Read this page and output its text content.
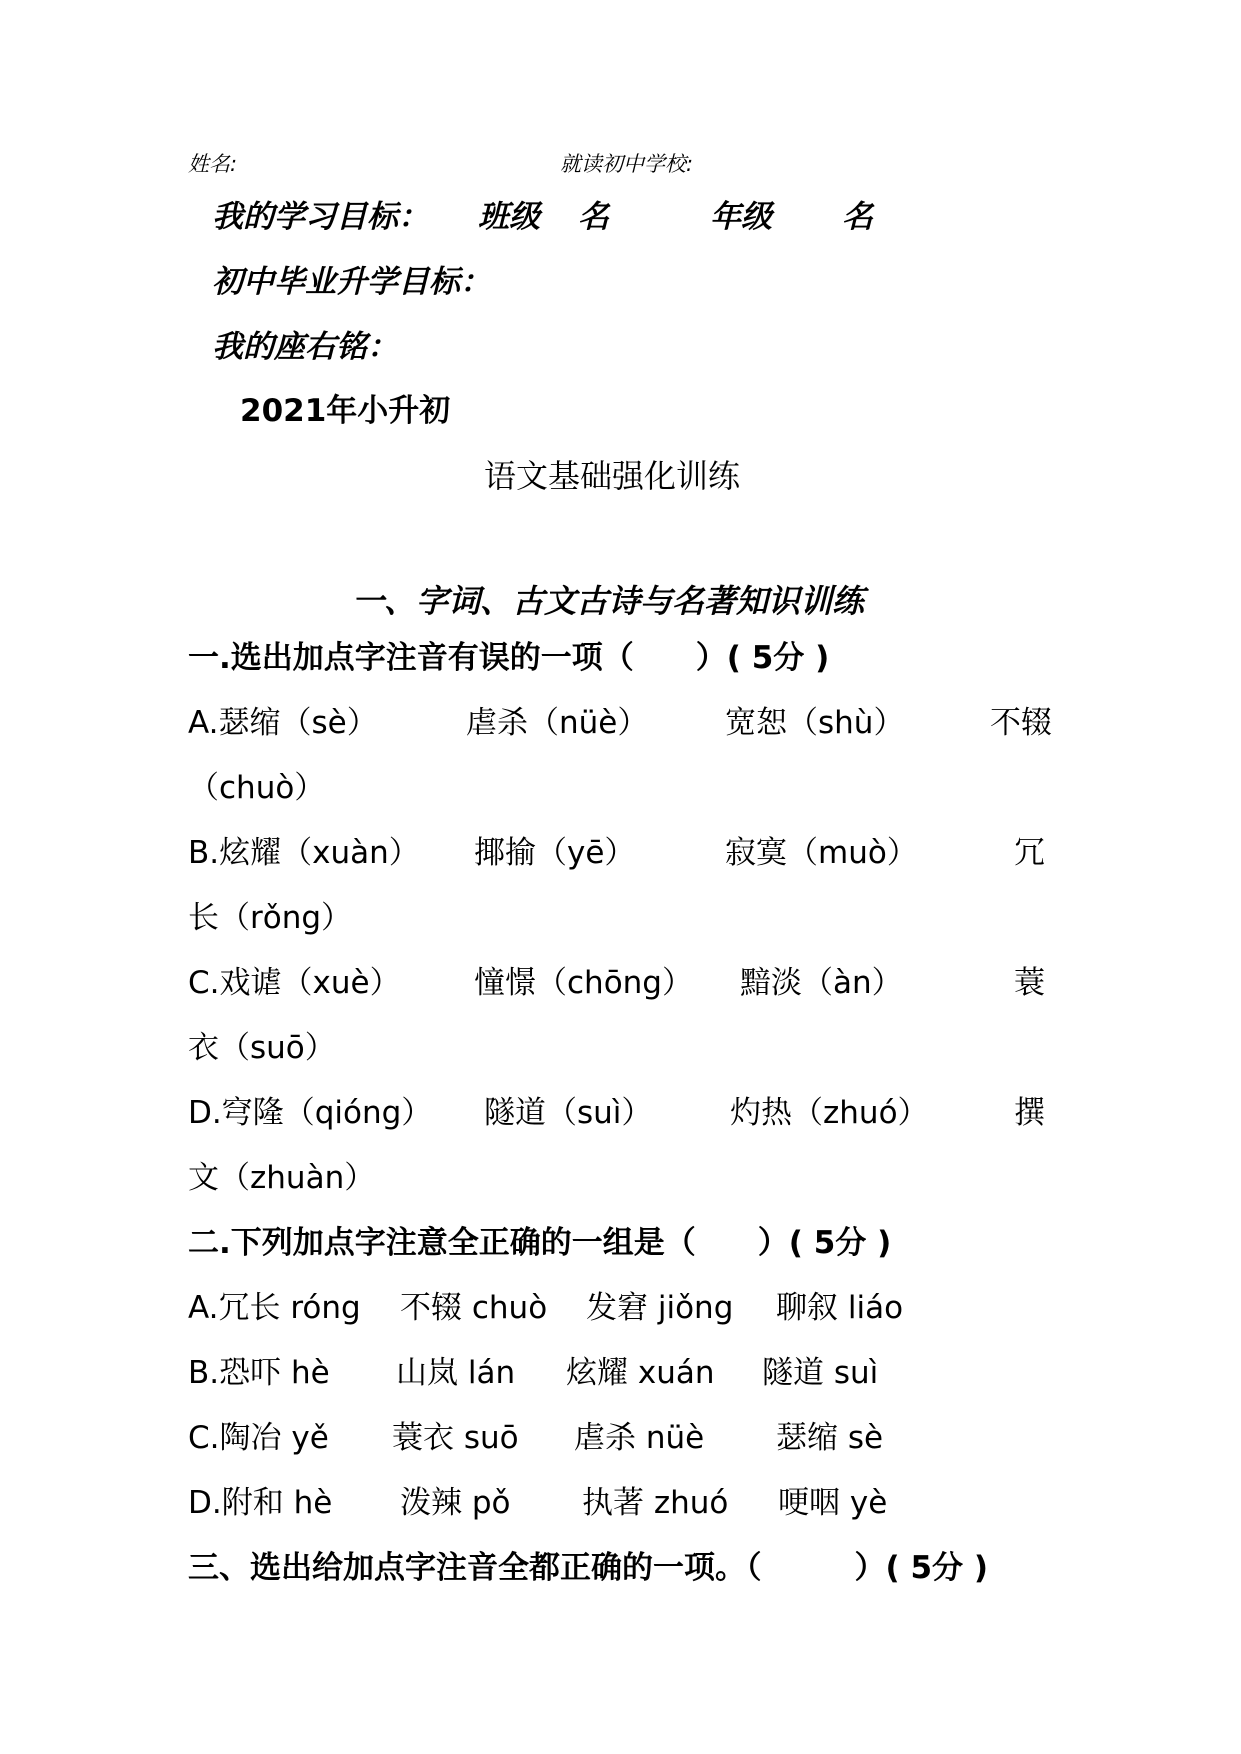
姓名:	就读初中学校:
我的学习目标： 班级 名	年级 名
初中毕业升学目标：
我的座右铭：
2021年小升初
语文基础强化训练
一、字词、古文古诗与名著知识训练
一.选出加点字注音有误的一项（　　）( 5分 )
A.瑟缩（sè）	虐杀（nüè） 宽恕（shù）	不辍
（chuò）
B.炫耀（xuàn） 揶揄（yē）	寂寞（muò）	冗
长（rǒng）
C.戏谑（xuè） 憧憬（chōng） 黯淡（àn）	蓑
衣（suō）
D.穹隆（qióng） 隧道（suì）	灼热（zhuó）	撰
文（zhuàn）
二.下列加点字注意全正确的一组是（　　）( 5分 )
A.冗长 róng 不辍 chuò 发窘 jiǒng 聊叙 liáo
B.恐吓 hè 山岚 lán 炫耀 xuán 隧道 suì
C.陶冶 yě 蓑衣 suō 虐杀 nüè 瑟缩 sè
D.附和 hè 泼辣 pǒ 执著 zhuó 哽咽 yè
三、选出给加点字注音全都正确的一项。（　　　）( 5分 )
